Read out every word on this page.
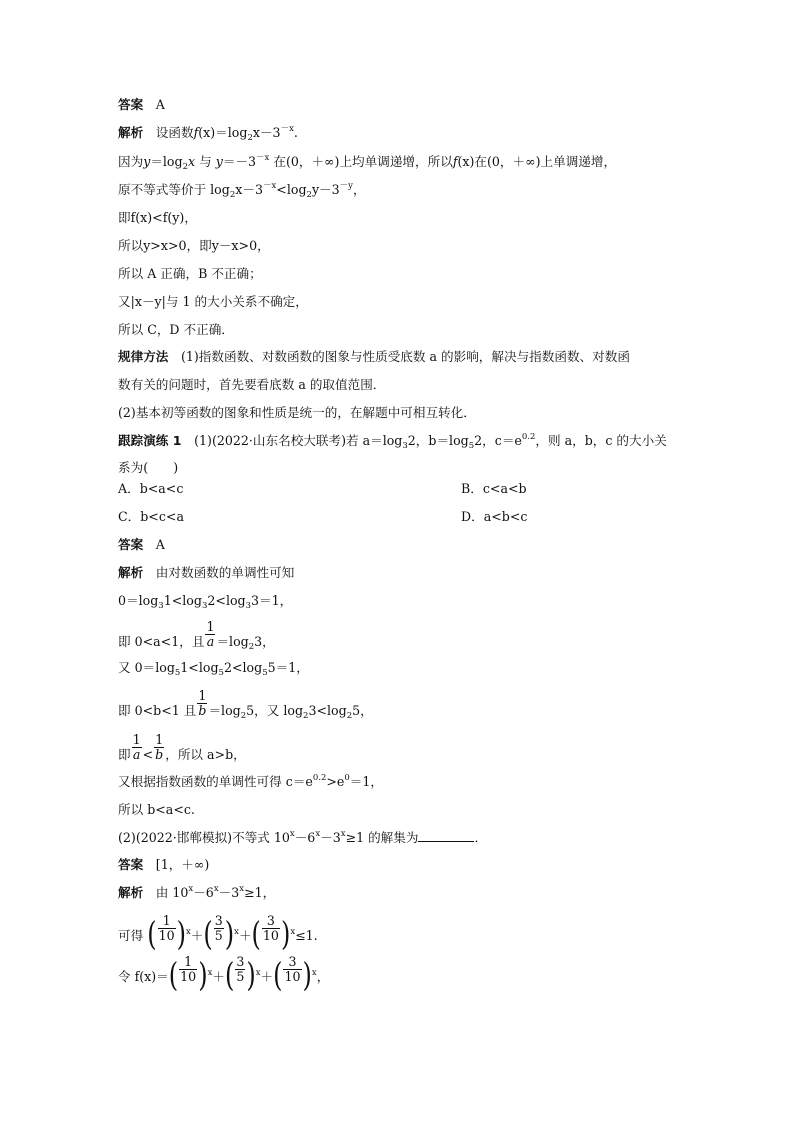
答案　 A
解析　 设函数$f(x)=\log_2x-3^{-x}$.
因为$y=\log_2x$ 与 $y=-3^{-x}$ 在(0，＋∞)上均单调递增，所以f(x)在(0，＋∞)上单调递增，
原不等式等价于 $\log_2x-3^{-x}<\log_2y-3^{-y}$，
即f(x)<f(y)，
所以y>x>0，即y－x>0，
所以 A 正确，B 不正确；
又|x－y|与 1 的大小关系不确定，
所以 C，D 不正确．
规律方法　 (1)指数函数、对数函数的图象与性质受底数 a 的影响，解决与指数函数、对数函
数有关的问题时，首先要看底数 a 的取值范围．
(2)基本初等函数的图象和性质是统一的，在解题中可相互转化．
跟踪演练 1　 (1)(2022·山东名校大联考)若 $a=\log_32$，$b=\log_52$，$c=e^{0.2}$，则 a，b，c 的大小关
系为(　　)
A．b<a<c	B．c<a<b
C．b<c<a	D．a<b<c
答案　 A
解析　 由对数函数的单调性可知
$0=\log_31<\log_32<\log_33=1$，
即 0<a<1，且 $\frac{1}{a} =\log_23$，
又 $0=\log_51<\log_52<\log_55=1$，
即 0<b<1 且 $\frac{1}{b} =\log_25$，又 $\log_23<\log_25$，
即 $\frac{1}{a} < \frac{1}{b}$ ，所以 a>b，
又根据指数函数的单调性可得 $c=e^{0.2}>e^0=1$，
所以 b<a<c.
(2)(2022·邯郸模拟)不等式 $10^x-6^x-3^x\ge 1$ 的解集为	．
答案　 [1，＋∞)
解析　 由 $10^x-6^x-3^x\ge 1$，
可得 ( $\frac{1}{10} )^x+( \frac{3}{5} )^x+( \frac{3}{10} )^x\le 1$.
令 $f(x)=( \frac{1}{10} )^x+( \frac{3}{5} )^x+( \frac{3}{10} )^x$，
